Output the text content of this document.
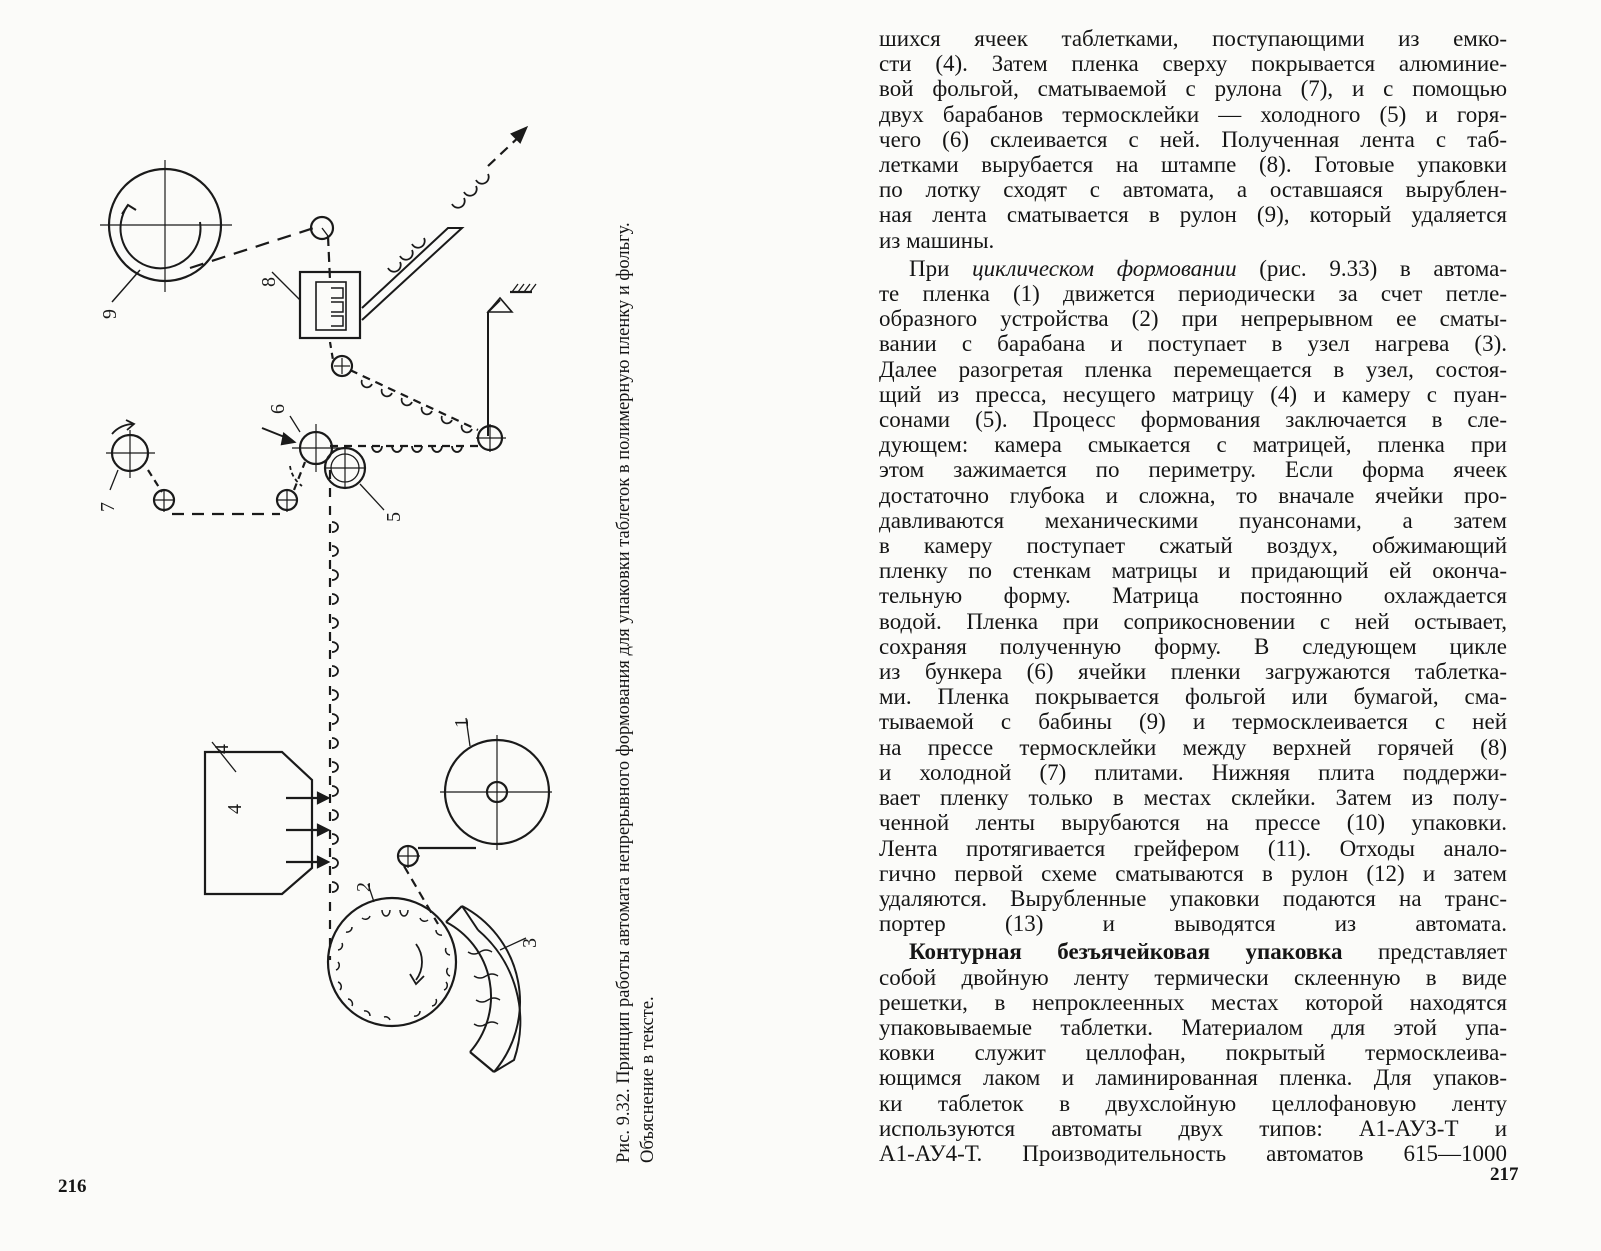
9
8
7
6
5
4
4
1
2
3	Рис. 9.32. Принцип работы автомата непрерывного формования для упаковки таблеток в полимерную пленку и фольгу. Объяснение в тексте.
216
шихся ячеек таблетками, поступающими из емко-
сти (4). Затем пленка сверху покрывается алюминие-
вой фольгой, сматываемой с рулона (7), и с помощью
двух барабанов термосклейки — холодного (5) и горя-
чего (6) склеивается с ней. Полученная лента с таб-
летками вырубается на штампе (8). Готовые упаковки
по лотку сходят с автомата, а оставшаяся вырублен-
ная лента сматывается в рулон (9), который удаляется
из машины.
При циклическом формовании (рис. 9.33) в автома-
те пленка (1) движется периодически за счет петле-
образного устройства (2) при непрерывном ее сматы-
вании с барабана и поступает в узел нагрева (3).
Далее разогретая пленка перемещается в узел, состоя-
щий из пресса, несущего матрицу (4) и камеру с пуан-
сонами (5). Процесс формования заключается в сле-
дующем: камера смыкается с матрицей, пленка при
этом зажимается по периметру. Если форма ячеек
достаточно глубока и сложна, то вначале ячейки про-
давливаются механическими пуансонами, а затем
в камеру поступает сжатый воздух, обжимающий
пленку по стенкам матрицы и придающий ей оконча-
тельную форму. Матрица постоянно охлаждается
водой. Пленка при соприкосновении с ней остывает,
сохраняя полученную форму. В следующем цикле
из бункера (6) ячейки пленки загружаются таблетка-
ми. Пленка покрывается фольгой или бумагой, сма-
тываемой с бабины (9) и термосклеивается с ней
на прессе термосклейки между верхней горячей (8)
и холодной (7) плитами. Нижняя плита поддержи-
вает пленку только в местах склейки. Затем из полу-
ченной ленты вырубаются на прессе (10) упаковки.
Лента протягивается грейфером (11). Отходы анало-
гично первой схеме сматываются в рулон (12) и затем
удаляются. Вырубленные упаковки подаются на транс-
портер (13) и выводятся из автомата.
Контурная безъячейковая упаковка представляет
собой двойную ленту термически склеенную в виде
решетки, в непроклеенных местах которой находятся
упаковываемые таблетки. Материалом для этой упа-
ковки служит целлофан, покрытый термосклеива-
ющимся лаком и ламинированная пленка. Для упаков-
ки таблеток в двухслойную целлофановую ленту
используются автоматы двух типов: А1-АУЗ-Т и
А1-АУ4-Т. Производительность автоматов 615—1000
217
